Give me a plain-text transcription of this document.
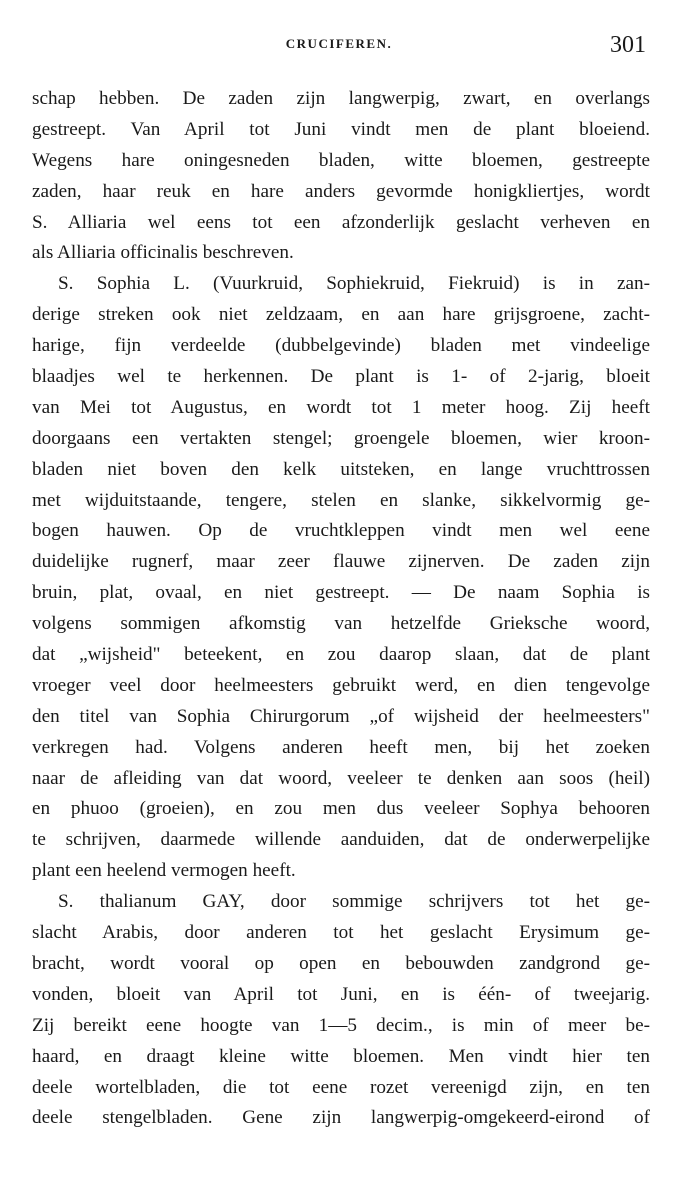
CRUCIFEREN.	301
schap hebben. De zaden zijn langwerpig, zwart, en overlangs
gestreept. Van April tot Juni vindt men de plant bloeiend.
Wegens hare oningesneden bladen, witte bloemen, gestreepte
zaden, haar reuk en hare anders gevormde honigkliertjes, wordt
S. Alliaria wel eens tot een afzonderlijk geslacht verheven en
als Alliaria officinalis beschreven.
S. Sophia L. (Vuurkruid, Sophiekruid, Fiekruid) is in zan-
derige streken ook niet zeldzaam, en aan hare grijsgroene, zacht-
harige, fijn verdeelde (dubbelgevinde) bladen met vindeelige
blaadjes wel te herkennen. De plant is 1- of 2-jarig, bloeit
van Mei tot Augustus, en wordt tot 1 meter hoog. Zij heeft
doorgaans een vertakten stengel; groengele bloemen, wier kroon-
bladen niet boven den kelk uitsteken, en lange vruchttrossen
met wijduitstaande, tengere, stelen en slanke, sikkelvormig ge-
bogen hauwen. Op de vruchtkleppen vindt men wel eene
duidelijke rugnerf, maar zeer flauwe zijnerven. De zaden zijn
bruin, plat, ovaal, en niet gestreept. — De naam Sophia is
volgens sommigen afkomstig van hetzelfde Grieksche woord,
dat „wijsheid" beteekent, en zou daarop slaan, dat de plant
vroeger veel door heelmeesters gebruikt werd, en dien tengevolge
den titel van Sophia Chirurgorum „of wijsheid der heelmeesters"
verkregen had. Volgens anderen heeft men, bij het zoeken
naar de afleiding van dat woord, veeleer te denken aan soos (heil)
en phuoo (groeien), en zou men dus veeleer Sophya behooren
te schrijven, daarmede willende aanduiden, dat de onderwerpelijke
plant een heelend vermogen heeft.
S. thalianum GAY, door sommige schrijvers tot het ge-
slacht Arabis, door anderen tot het geslacht Erysimum ge-
bracht, wordt vooral op open en bebouwden zandgrond ge-
vonden, bloeit van April tot Juni, en is één- of tweejarig.
Zij bereikt eene hoogte van 1—5 decim., is min of meer be-
haard, en draagt kleine witte bloemen. Men vindt hier ten
deele wortelbladen, die tot eene rozet vereenigd zijn, en ten
deele stengelbladen. Gene zijn langwerpig-omgekeerd-eirond of
